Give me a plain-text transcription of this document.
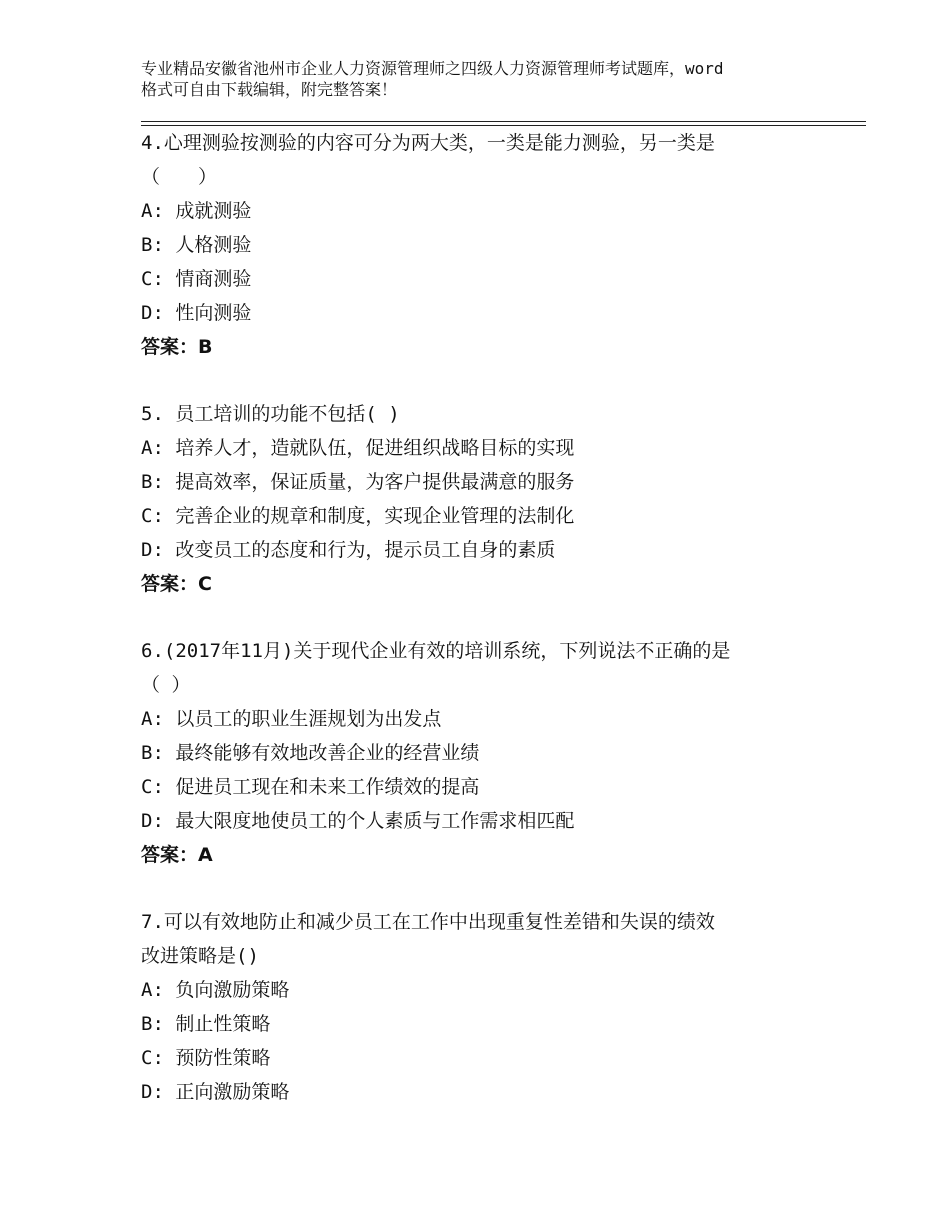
专业精品安徽省池州市企业人力资源管理师之四级人力资源管理师考试题库，word
格式可自由下载编辑，附完整答案！
4.心理测验按测验的内容可分为两大类，一类是能力测验，另一类是
（　　）
A: 成就测验
B: 人格测验
C: 情商测验
D: 性向测验
答案：B
5. 员工培训的功能不包括( )
A: 培养人才，造就队伍，促进组织战略目标的实现
B: 提高效率，保证质量，为客户提供最满意的服务
C: 完善企业的规章和制度，实现企业管理的法制化
D: 改变员工的态度和行为，提示员工自身的素质
答案：C
6.(2017年11月)关于现代企业有效的培训系统，下列说法不正确的是
（ ）
A: 以员工的职业生涯规划为出发点
B: 最终能够有效地改善企业的经营业绩
C: 促进员工现在和未来工作绩效的提高
D: 最大限度地使员工的个人素质与工作需求相匹配
答案：A
7.可以有效地防止和减少员工在工作中出现重复性差错和失误的绩效
改进策略是()
A: 负向激励策略
B: 制止性策略
C: 预防性策略
D: 正向激励策略
